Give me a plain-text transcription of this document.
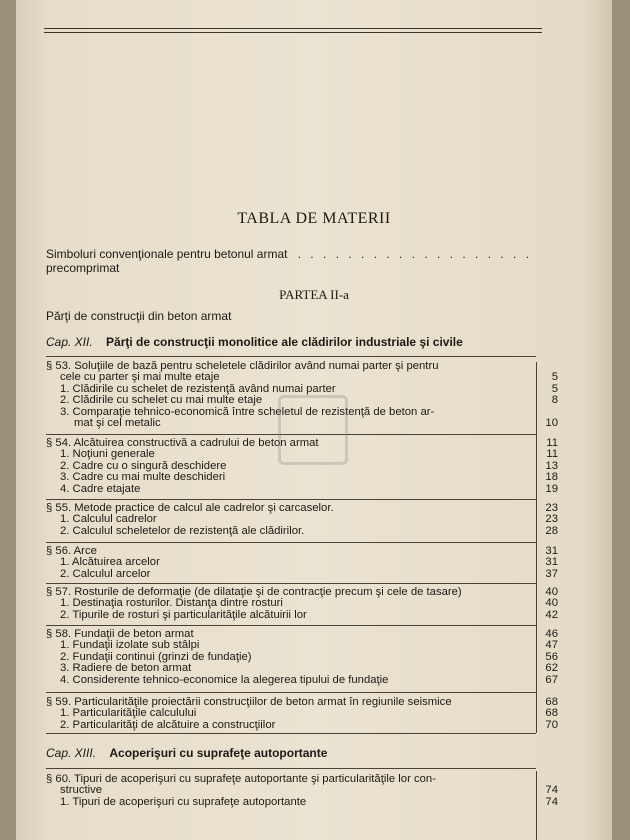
TABLA DE MATERII
Simboluri convenţionale pentru betonul armat precomprimat
. . . . . . . . . . . . . . . . . . .
PARTEA II-a
Părţi de construcţii din beton armat
Cap. XII. Părţi de construcţii monolitice ale clădirilor industriale şi civile
§ 53. Soluţiile de bază pentru scheletele clădirilor având numai parter şi pentru
cele cu parter şi mai multe etaje	5
1. Clădirile cu schelet de rezistenţă având numai parter	5
2. Clădirile cu schelet cu mai multe etaje	8
3. Comparaţie tehnico-economică între scheletul de rezistenţă de beton ar-
mat şi cel metalic	10
§ 54. Alcătuirea constructivă a cadrului de beton armat	11
1. Noţiuni generale	11
2. Cadre cu o singură deschidere	13
3. Cadre cu mai multe deschideri	18
4. Cadre etajate	19
§ 55. Metode practice de calcul ale cadrelor şi carcaselor.	23
1. Calculul cadrelor	23
2. Calculul scheletelor de rezistenţă ale clădirilor.	28
§ 56. Arce	31
1. Alcătuirea arcelor	31
2. Calculul arcelor	37
§ 57. Rosturile de deformaţie (de dilataţie şi de contracţie precum şi cele de tasare)	40
1. Destinaţia rosturilor. Distanţa dintre rosturi	40
2. Tipurile de rosturi şi particularităţile alcătuirii lor	42
§ 58. Fundaţii de beton armat	46
1. Fundaţii izolate sub stâlpi	47
2. Fundaţii continui (grinzi de fundaţie)	56
3. Radiere de beton armat	62
4. Considerente tehnico-economice la alegerea tipului de fundaţie	67
§ 59. Particularităţile proiectării construcţiilor de beton armat în regiunile seismice	68
1. Particularităţile calculului	68
2. Particularităţi de alcătuire a construcţiilor	70
Cap. XIII. Acoperişuri cu suprafeţe autoportante
§ 60. Tipuri de acoperişuri cu suprafeţe autoportante şi particularităţile lor con-
structive	74
1. Tipuri de acoperişuri cu suprafeţe autoportante	74
